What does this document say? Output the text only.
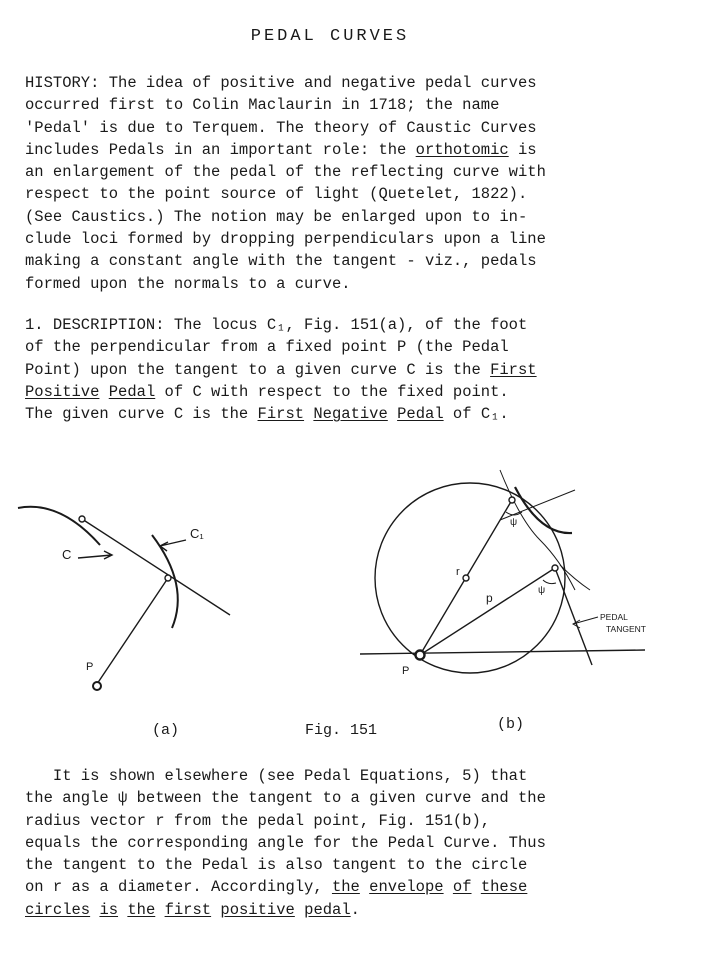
PEDAL CURVES
HISTORY: The idea of positive and negative pedal curves
occurred first to Colin Maclaurin in 1718; the name
'Pedal' is due to Terquem. The theory of Caustic Curves
includes Pedals in an important role: the orthotomic is
an enlargement of the pedal of the reflecting curve with
respect to the point source of light (Quetelet, 1822).
(See Caustics.) The notion may be enlarged upon to in-
clude loci formed by dropping perpendiculars upon a line
making a constant angle with the tangent - viz., pedals
formed upon the normals to a curve.
1. DESCRIPTION: The locus C₁, Fig. 151(a), of the foot
of the perpendicular from a fixed point P (the Pedal
Point) upon the tangent to a given curve C is the First
Positive Pedal of C with respect to the fixed point.
The given curve C is the First Negative Pedal of C₁.
C
C₁
P
r
p
ψ
ψ
P
PEDAL
TANGENT
(a)	Fig. 151	(b)
It is shown elsewhere (see Pedal Equations, 5) that
the angle ψ between the tangent to a given curve and the
radius vector r from the pedal point, Fig. 151(b),
equals the corresponding angle for the Pedal Curve. Thus
the tangent to the Pedal is also tangent to the circle
on r as a diameter. Accordingly, the envelope of these
circles is the first positive pedal.
